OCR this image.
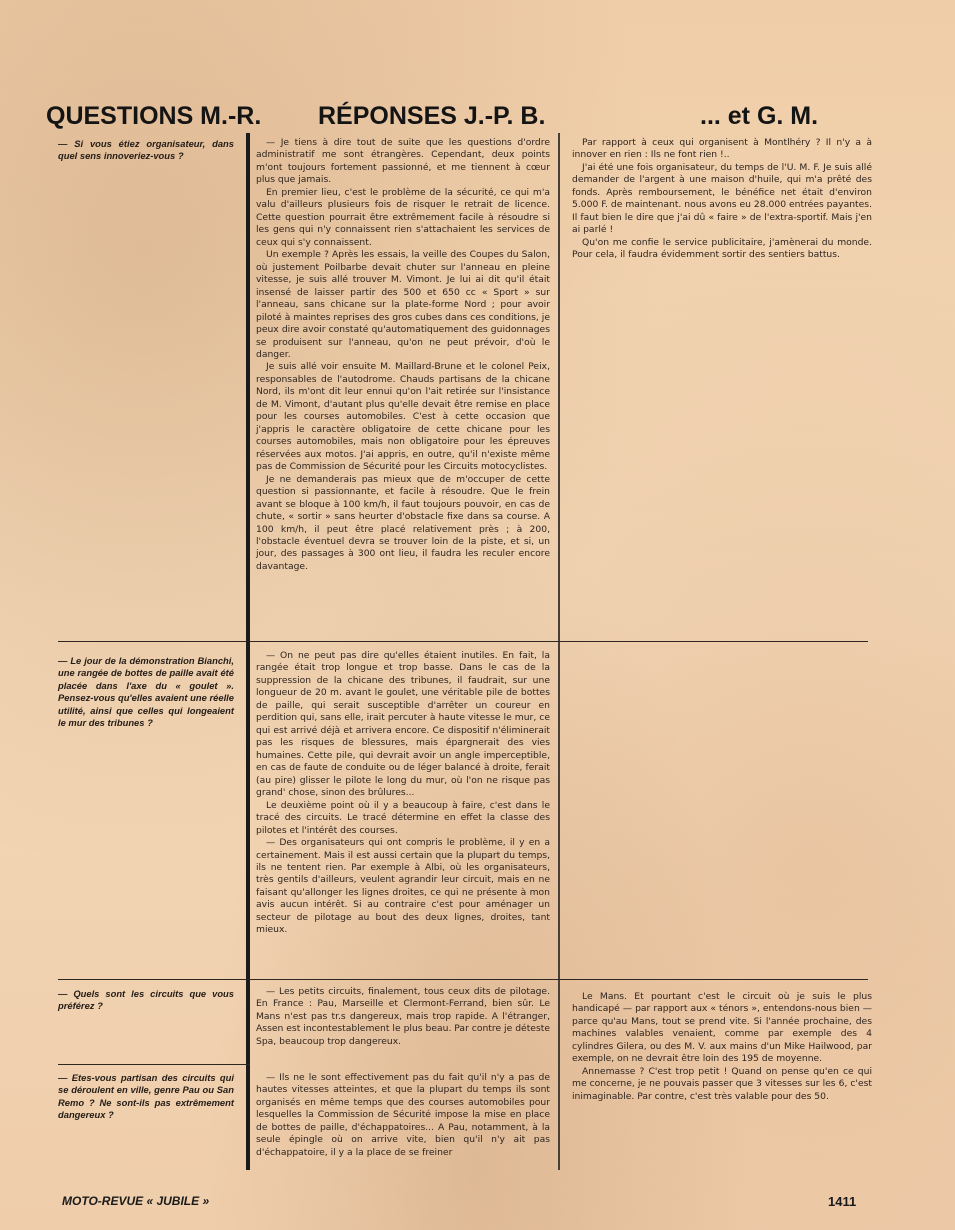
QUESTIONS M.-R. RÉPONSES J.-P. B.	... et G. M.

— Si vous étiez organisateur, dans quel sens innoveriez-vous ?

— Je tiens à dire tout de suite que les questions d'ordre administratif me sont étrangères. Cependant, deux points m'ont toujours fortement passionné, et me tiennent à cœur plus que jamais.

En premier lieu, c'est le problème de la sécurité, ce qui m'a valu d'ailleurs plusieurs fois de risquer le retrait de licence. Cette question pourrait être extrêmement facile à résoudre si les gens qui n'y connaissent rien s'attachaient les services de ceux qui s'y connaissent.

Un exemple ? Après les essais, la veille des Coupes du Salon, où justement Poilbarbe devait chuter sur l'anneau en pleine vitesse, je suis allé trouver M. Vimont. Je lui ai dit qu'il était insensé de laisser partir des 500 et 650 cc « Sport » sur l'anneau, sans chicane sur la plate-forme Nord ; pour avoir piloté à maintes reprises des gros cubes dans ces conditions, je peux dire avoir constaté qu'automatiquement des guidonnages se produisent sur l'anneau, qu'on ne peut prévoir, d'où le danger.

Je suis allé voir ensuite M. Maillard-Brune et le colonel Peix, responsables de l'autodrome. Chauds partisans de la chicane Nord, ils m'ont dit leur ennui qu'on l'ait retirée sur l'insistance de M. Vimont, d'autant plus qu'elle devait être remise en place pour les courses automobiles. C'est à cette occasion que j'appris le caractère obligatoire de cette chicane pour les courses automobiles, mais non obligatoire pour les épreuves réservées aux motos. J'ai appris, en outre, qu'il n'existe même pas de Commission de Sécurité pour les Circuits motocyclistes.

Je ne demanderais pas mieux que de m'occuper de cette question si passionnante, et facile à résoudre. Que le frein avant se bloque à 100 km/h, il faut toujours pouvoir, en cas de chute, « sortir » sans heurter d'obstacle fixe dans sa course. A 100 km/h, il peut être placé relativement près ; à 200, l'obstacle éventuel devra se trouver loin de la piste, et si, un jour, des passages à 300 ont lieu, il faudra les reculer encore davantage.

Par rapport à ceux qui organisent à Montlhéry ? Il n'y a à innover en rien : Ils ne font rien !..

J'ai été une fois organisateur, du temps de l'U. M. F. Je suis allé demander de l'argent à une maison d'huile, qui m'a prêté des fonds. Après remboursement, le bénéfice net était d'environ 5.000 F. de maintenant. nous avons eu 28.000 entrées payantes. Il faut bien le dire que j'ai dû « faire » de l'extra-sportif. Mais j'en ai parlé !

Qu'on me confie le service publicitaire, j'amènerai du monde. Pour cela, il faudra évidemment sortir des sentiers battus.

— Le jour de la démonstration Bianchi, une rangée de bottes de paille avait été placée dans l'axe du « goulet ». Pensez-vous qu'elles avaient une réelle utilité, ainsi que celles qui longeaient le mur des tribunes ?

— On ne peut pas dire qu'elles étaient inutiles. En fait, la rangée était trop longue et trop basse. Dans le cas de la suppression de la chicane des tribunes, il faudrait, sur une longueur de 20 m. avant le goulet, une véritable pile de bottes de paille, qui serait susceptible d'arrêter un coureur en perdition qui, sans elle, irait percuter à haute vitesse le mur, ce qui est arrivé déjà et arrivera encore. Ce dispositif n'éliminerait pas les risques de blessures, mais épargnerait des vies humaines. Cette pile, qui devrait avoir un angle imperceptible, en cas de faute de conduite ou de léger balancé à droite, ferait (au pire) glisser le pilote le long du mur, où l'on ne risque pas grand' chose, sinon des brûlures...

Le deuxième point où il y a beaucoup à faire, c'est dans le tracé des circuits. Le tracé détermine en effet la classe des pilotes et l'intérêt des courses.

— Des organisateurs qui ont compris le problème, il y en a certainement. Mais il est aussi certain que la plupart du temps, ils ne tentent rien. Par exemple à Albi, où les organisateurs, très gentils d'ailleurs, veulent agrandir leur circuit, mais en ne faisant qu'allonger les lignes droites, ce qui ne présente à mon avis aucun intérêt. Si au contraire c'est pour aménager un secteur de pilotage au bout des deux lignes, droites, tant mieux.

— Quels sont les circuits que vous préférez ?

— Les petits circuits, finalement, tous ceux dits de pilotage. En France : Pau, Marseille et Clermont-Ferrand, bien sûr. Le Mans n'est pas tr.s dangereux, mais trop rapide. A l'étranger, Assen est incontestablement le plus beau. Par contre je déteste Spa, beaucoup trop dangereux.

Le Mans. Et pourtant c'est le circuit où je suis le plus handicapé — par rapport aux « ténors », entendons-nous bien — parce qu'au Mans, tout se prend vite. Si l'année prochaine, des machines valables venaient, comme par exemple des 4 cylindres Gilera, ou des M. V. aux mains d'un Mike Hailwood, par exemple, on ne devrait être loin des 195 de moyenne.

Annemasse ? C'est trop petit ! Quand on pense qu'en ce qui me concerne, je ne pouvais passer que 3 vitesses sur les 6, c'est inimaginable. Par contre, c'est très valable pour des 50.

— Etes-vous partisan des circuits qui se déroulent en ville, genre Pau ou San Remo ? Ne sont-ils pas extrêmement dangereux ?

— Ils ne le sont effectivement pas du fait qu'il n'y a pas de hautes vitesses atteintes, et que la plupart du temps ils sont organisés en même temps que des courses automobiles pour lesquelles la Commission de Sécurité impose la mise en place de bottes de paille, d'échappatoires... A Pau, notamment, à la seule épingle où on arrive vite, bien qu'il n'y ait pas d'échappatoire, il y a la place de se freiner

MOTO-REVUE « JUBILE »	1411
